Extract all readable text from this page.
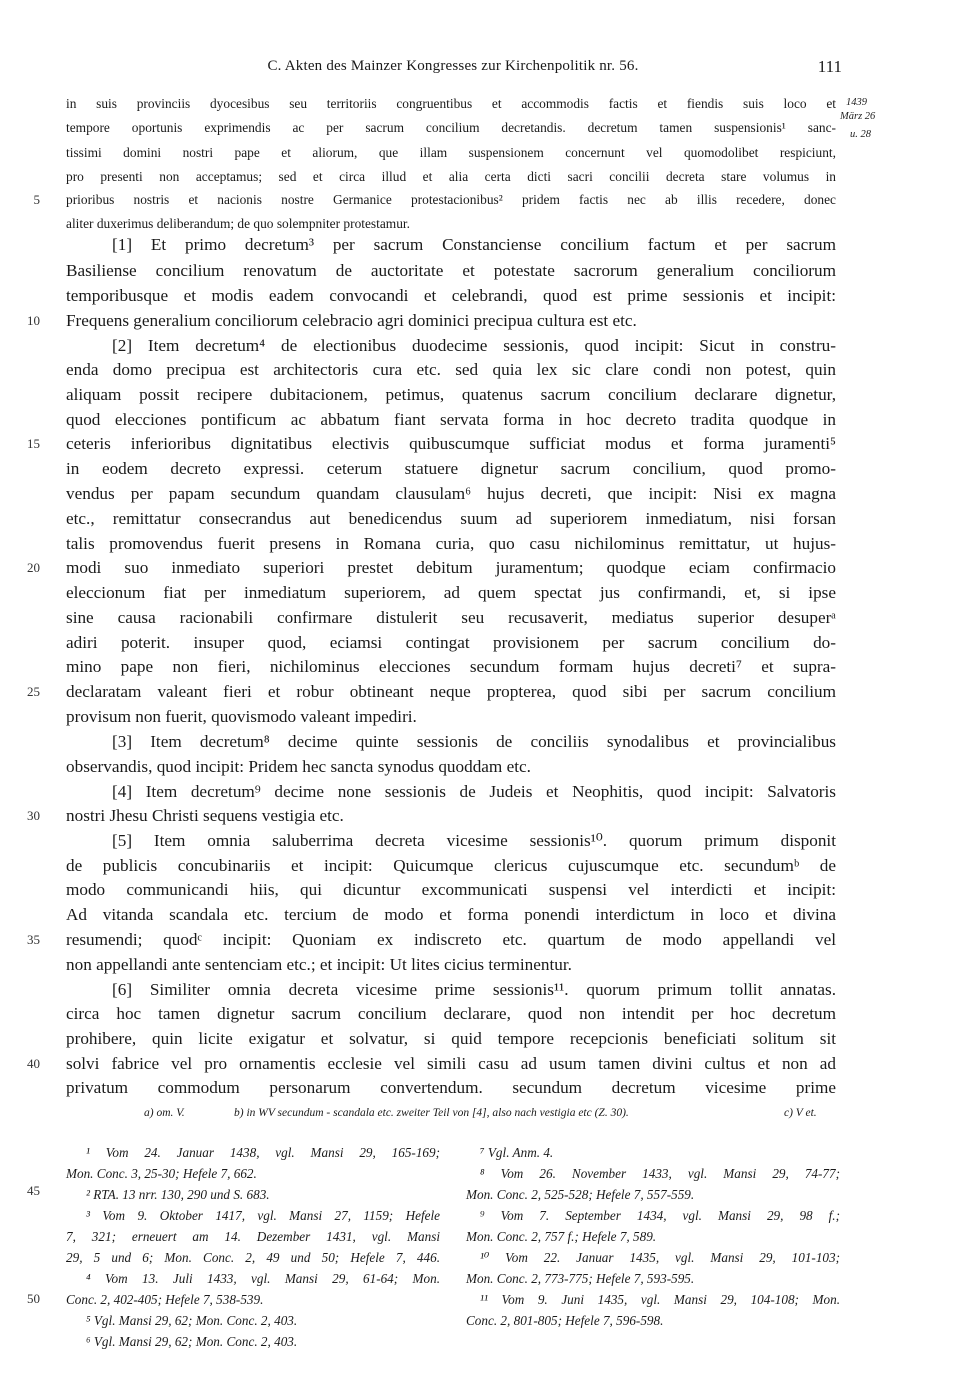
C. Akten des Mainzer Kongresses zur Kirchenpolitik nr. 56.	111
1439
März 26
u. 28
in suis provinciis dyocesibus seu territoriis congruentibus et accommodis factis et fiendis suis loco et
tempore oportunis exprimendis ac per sacrum concilium decretandis. decretum tamen suspensionis¹ sanc-
tissimi domini nostri pape et aliorum, que illam suspensionem concernunt vel quomodolibet respiciunt,
pro presenti non acceptamus; sed et circa illud et alia certa dicti sacri concilii decreta stare volumus in
prioribus nostris et nacionis nostre Germanice protestacionibus² pridem factis nec ab illis recedere, donec
aliter duxerimus deliberandum; de quo solempniter protestamur.
[1] Et primo decretum³ per sacrum Constanciense concilium factum et per sacrum
Basiliense concilium renovatum de auctoritate et potestate sacrorum generalium conciliorum
temporibusque et modis eadem convocandi et celebrandi, quod est prime sessionis et incipit:
Frequens generalium conciliorum celebracio agri dominici precipua cultura est etc.
[2] Item decretum⁴ de electionibus duodecime sessionis, quod incipit: Sicut in constru-
enda domo precipua est architectoris cura etc. sed quia lex sic clare condi non potest, quin
aliquam possit recipere dubitacionem, petimus, quatenus sacrum concilium declarare dignetur,
quod elecciones pontificum ac abbatum fiant servata forma in hoc decreto tradita quodque in
ceteris inferioribus dignitatibus electivis quibuscumque sufficiat modus et forma juramenti⁵
in eodem decreto expressi. ceterum statuere dignetur sacrum concilium, quod promo-
vendus per papam secundum quandam clausulam⁶ hujus decreti, que incipit: Nisi ex magna
etc., remittatur consecrandus aut benedicendus suum ad superiorem inmediatum, nisi forsan
talis promovendus fuerit presens in Romana curia, quo casu nichilominus remittatur, ut hujus-
modi suo inmediato superiori prestet debitum juramentum; quodque eciam confirmacio
eleccionum fiat per inmediatum superiorem, ad quem spectat jus confirmandi, et, si ipse
sine causa racionabili confirmare distulerit seu recusaverit, mediatus superior desuperᵃ
adiri poterit. insuper quod, eciamsi contingat provisionem per sacrum concilium do-
mino pape non fieri, nichilominus elecciones secundum formam hujus decreti⁷ et supra-
declaratam valeant fieri et robur obtineant neque propterea, quod sibi per sacrum concilium
provisum non fuerit, quovismodo valeant impediri.
[3] Item decretum⁸ decime quinte sessionis de conciliis synodalibus et provincialibus
observandis, quod incipit: Pridem hec sancta synodus quoddam etc.
[4] Item decretum⁹ decime none sessionis de Judeis et Neophitis, quod incipit: Salvatoris
nostri Jhesu Christi sequens vestigia etc.
[5] Item omnia saluberrima decreta vicesime sessionis¹⁰. quorum primum disponit
de publicis concubinariis et incipit: Quicumque clericus cujuscumque etc. secundumᵇ de
modo communicandi hiis, qui dicuntur excommunicati suspensi vel interdicti et incipit:
Ad vitanda scandala etc. tercium de modo et forma ponendi interdictum in loco et divina
resumendi; quodᶜ incipit: Quoniam ex indiscreto etc. quartum de modo appellandi vel
non appellandi ante sentenciam etc.; et incipit: Ut lites cicius terminentur.
[6] Similiter omnia decreta vicesime prime sessionis¹¹. quorum primum tollit annatas.
circa hoc tamen dignetur sacrum concilium declarare, quod non intendit per hoc decretum
prohibere, quin licite exigatur et solvatur, si quid tempore recepcionis beneficiati solitum sit
solvi fabrice vel pro ornamentis ecclesie vel simili casu ad usum tamen divini cultus et non ad
privatum commodum personarum convertendum. secundum decretum vicesime prime
5
10
15
20
25
30
35
40
45
50
a) om. V.	b) in WV secundum - scandala etc. zweiter Teil von [4], also nach vestigia etc (Z. 30).	c) V et.
¹ Vom 24. Januar 1438, vgl. Mansi 29, 165-169;
Mon. Conc. 3, 25-30; Hefele 7, 662.
² RTA. 13 nrr. 130, 290 und S. 683.
³ Vom 9. Oktober 1417, vgl. Mansi 27, 1159; Hefele
7, 321; erneuert am 14. Dezember 1431, vgl. Mansi
29, 5 und 6; Mon. Conc. 2, 49 und 50; Hefele 7, 446.
⁴ Vom 13. Juli 1433, vgl. Mansi 29, 61-64; Mon.
Conc. 2, 402-405; Hefele 7, 538-539.
⁵ Vgl. Mansi 29, 62; Mon. Conc. 2, 403.
⁶ Vgl. Mansi 29, 62; Mon. Conc. 2, 403.
⁷ Vgl. Anm. 4.
⁸ Vom 26. November 1433, vgl. Mansi 29, 74-77;
Mon. Conc. 2, 525-528; Hefele 7, 557-559.
⁹ Vom 7. September 1434, vgl. Mansi 29, 98 f.;
Mon. Conc. 2, 757 f.; Hefele 7, 589.
¹⁰ Vom 22. Januar 1435, vgl. Mansi 29, 101-103;
Mon. Conc. 2, 773-775; Hefele 7, 593-595.
¹¹ Vom 9. Juni 1435, vgl. Mansi 29, 104-108; Mon.
Conc. 2, 801-805; Hefele 7, 596-598.
